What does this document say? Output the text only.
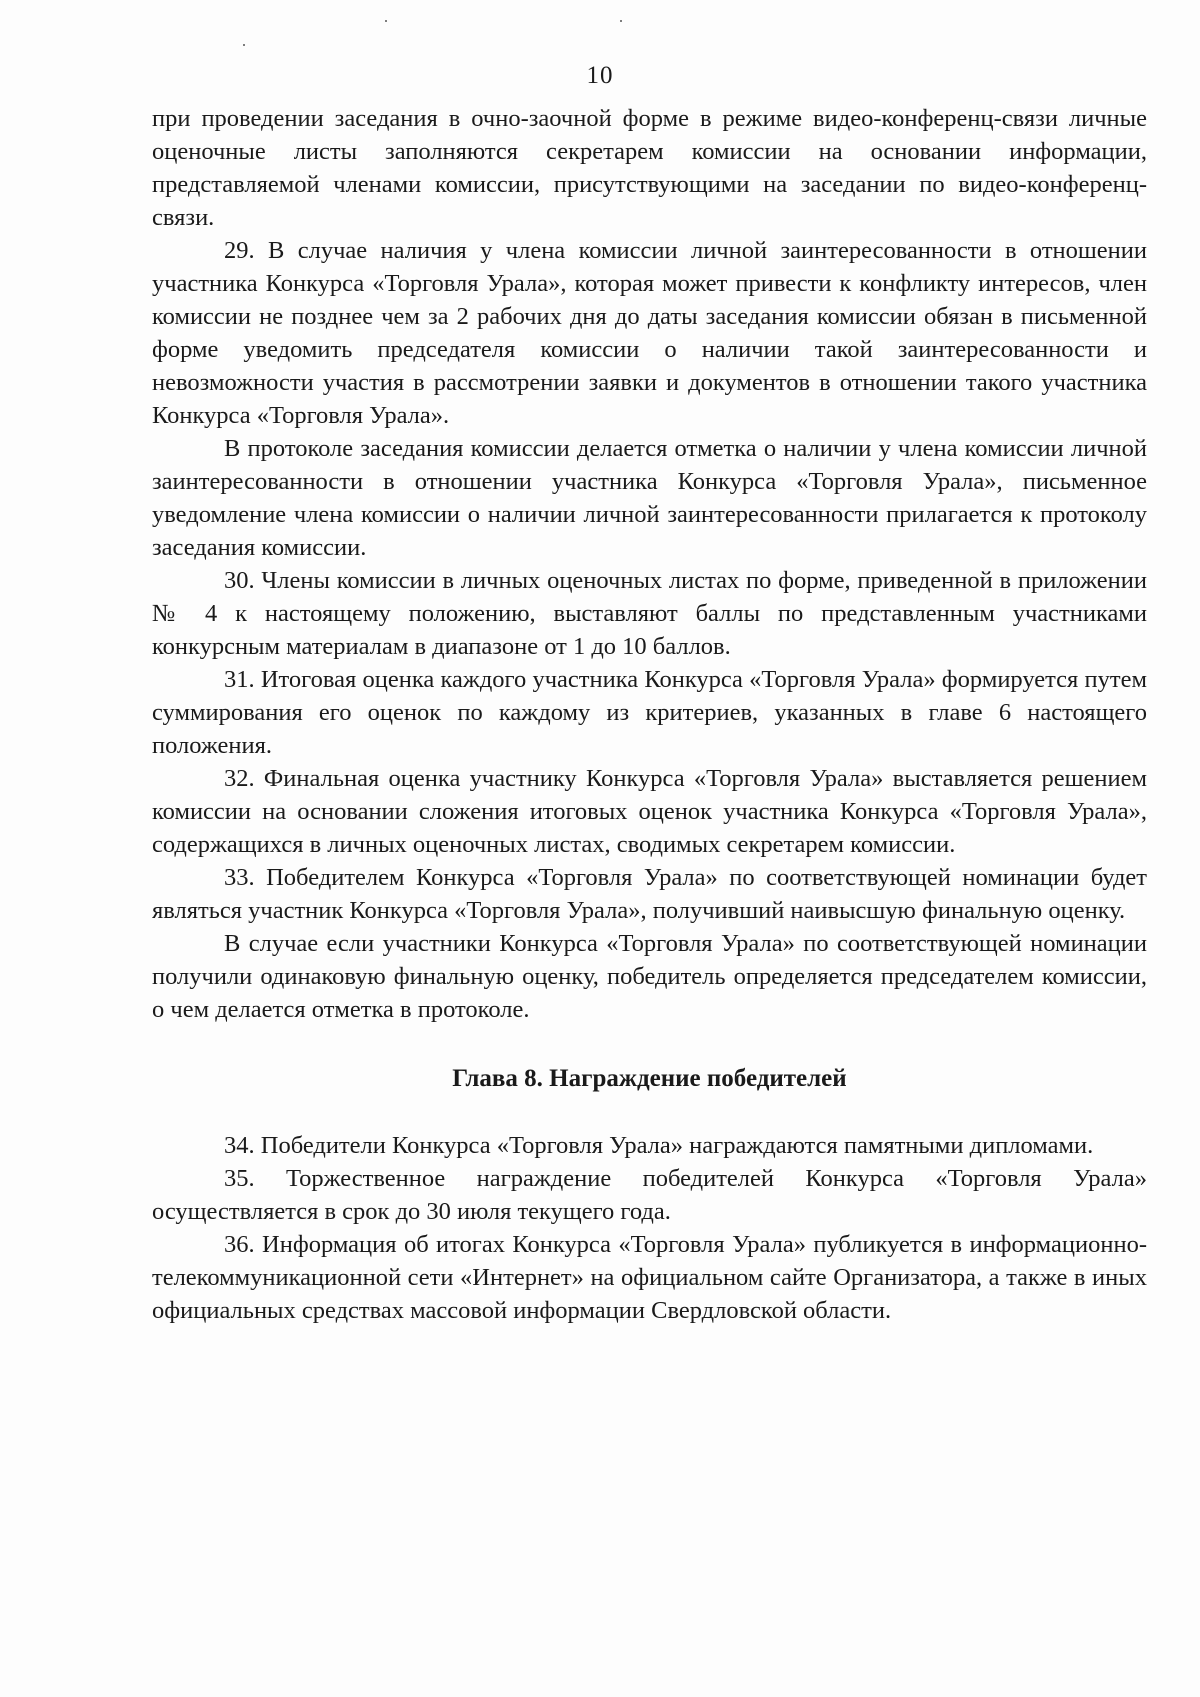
10

при проведении заседания в очно-заочной форме в режиме видео-конференц-связи личные оценочные листы заполняются секретарем комиссии на основании информации, представляемой членами комиссии, присутствующими на заседании по видео-конференц-связи.

29. В случае наличия у члена комиссии личной заинтересованности в отношении участника Конкурса «Торговля Урала», которая может привести к конфликту интересов, член комиссии не позднее чем за 2 рабочих дня до даты заседания комиссии обязан в письменной форме уведомить председателя комиссии о наличии такой заинтересованности и невозможности участия в рассмотрении заявки и документов в отношении такого участника Конкурса «Торговля Урала».

В протоколе заседания комиссии делается отметка о наличии у члена комиссии личной заинтересованности в отношении участника Конкурса «Торговля Урала», письменное уведомление члена комиссии о наличии личной заинтересованности прилагается к протоколу заседания комиссии.

30. Члены комиссии в личных оценочных листах по форме, приведенной в приложении № 4 к настоящему положению, выставляют баллы по представленным участниками конкурсным материалам в диапазоне от 1 до 10 баллов.

31. Итоговая оценка каждого участника Конкурса «Торговля Урала» формируется путем суммирования его оценок по каждому из критериев, указанных в главе 6 настоящего положения.

32. Финальная оценка участнику Конкурса «Торговля Урала» выставляется решением комиссии на основании сложения итоговых оценок участника Конкурса «Торговля Урала», содержащихся в личных оценочных листах, сводимых секретарем комиссии.

33. Победителем Конкурса «Торговля Урала» по соответствующей номинации будет являться участник Конкурса «Торговля Урала», получивший наивысшую финальную оценку.

В случае если участники Конкурса «Торговля Урала» по соответствующей номинации получили одинаковую финальную оценку, победитель определяется председателем комиссии, о чем делается отметка в протоколе.

Глава 8. Награждение победителей

34. Победители Конкурса «Торговля Урала» награждаются памятными дипломами.

35. Торжественное награждение победителей Конкурса «Торговля Урала» осуществляется в срок до 30 июля текущего года.

36. Информация об итогах Конкурса «Торговля Урала» публикуется в информационно-телекоммуникационной сети «Интернет» на официальном сайте Организатора, а также в иных официальных средствах массовой информации Свердловской области.
